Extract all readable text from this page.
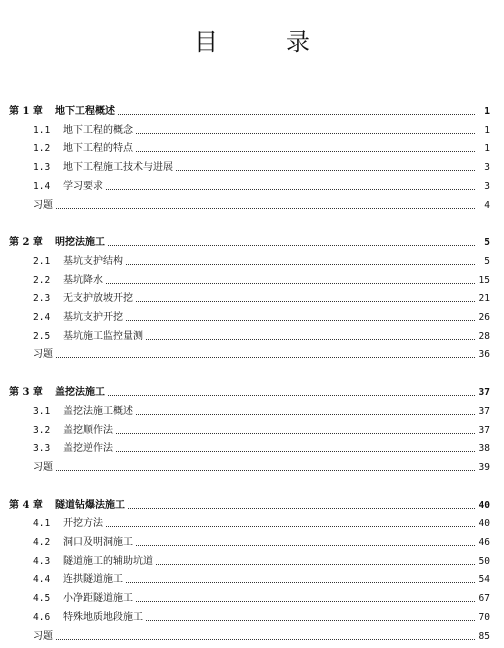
目　录
第 1 章	地下工程概述	1
1.1	地下工程的概念	1
1.2	地下工程的特点	1
1.3	地下工程施工技术与进展	3
1.4	学习要求	3
习题	4
第 2 章	明挖法施工	5
2.1	基坑支护结构	5
2.2	基坑降水	15
2.3	无支护放坡开挖	21
2.4	基坑支护开挖	26
2.5	基坑施工监控量测	28
习题	36
第 3 章	盖挖法施工	37
3.1	盖挖法施工概述	37
3.2	盖挖顺作法	37
3.3	盖挖逆作法	38
习题	39
第 4 章	隧道钻爆法施工	40
4.1	开挖方法	40
4.2	洞口及明洞施工	46
4.3	隧道施工的辅助坑道	50
4.4	连拱隧道施工	54
4.5	小净距隧道施工	67
4.6	特殊地质地段施工	70
习题	85
